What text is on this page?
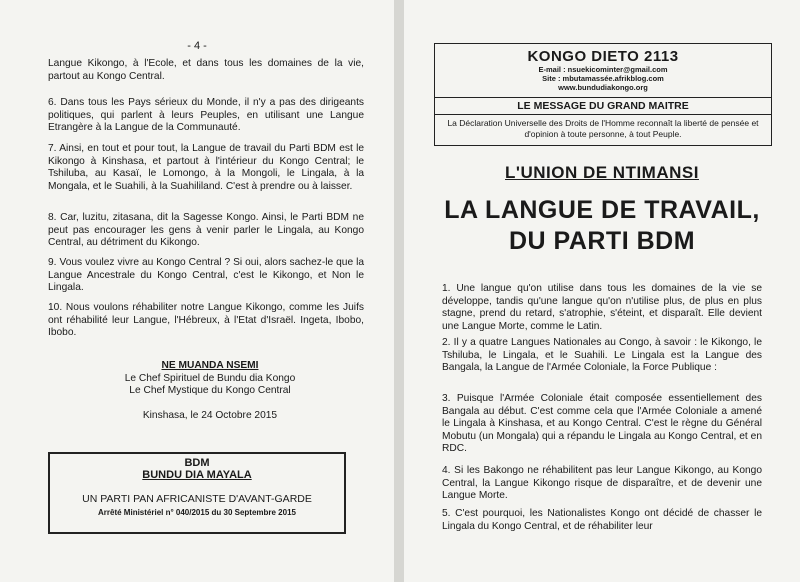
- 4 -

Langue Kikongo, à l'Ecole, et dans tous les domaines de la vie, partout au Kongo Central.

6. Dans tous les Pays sérieux du Monde, il n'y a pas des dirigeants politiques, qui parlent à leurs Peuples, en utilisant une Langue Etrangère à la Langue de la Communauté.

7. Ainsi, en tout et pour tout, la Langue de travail du Parti BDM est le Kikongo à Kinshasa, et partout à l'intérieur du Kongo Central; le Tshiluba, au Kasaï, le Lomongo, à la Mongoli, le Lingala, à la Mongala, et le Suahili, à la Suahililand. C'est à prendre ou à laisser.

8. Car, luzitu, zitasana, dit la Sagesse Kongo. Ainsi, le Parti BDM ne peut pas encourager les gens à venir parler le Lingala, au Kongo Central, au détriment du Kikongo.

9. Vous voulez vivre au Kongo Central ? Si oui, alors sachez-le que la Langue Ancestrale du Kongo Central, c'est le Kikongo, et Non le Lingala.

10. Nous voulons réhabiliter notre Langue Kikongo, comme les Juifs ont réhabilité leur Langue, l'Hébreux, à l'Etat d'Israël. Ingeta, Ibobo, Ibobo.

NE MUANDA NSEMI
Le Chef Spirituel de Bundu dia Kongo
Le Chef Mystique du Kongo Central
Kinshasa, le 24 Octobre 2015
BDM
BUNDU DIA MAYALA
UN PARTI PAN AFRICANISTE D'AVANT-GARDE
Arrêté Ministériel n° 040/2015 du 30 Septembre 2015
KONGO DIETO 2113
E-mail : nsuekicominter@gmail.com
Site : mbutamassée.afrikblog.com
www.bundudiakongo.org
LE MESSAGE DU GRAND MAITRE
La Déclaration Universelle des Droits de l'Homme reconnaît la liberté de pensée et d'opinion à toute personne, à tout Peuple.
L'UNION DE NTIMANSI
LA LANGUE DE TRAVAIL,
DU PARTI BDM

1. Une langue qu'on utilise dans tous les domaines de la vie se développe, tandis qu'une langue qu'on n'utilise plus, de plus en plus stagne, prend du retard, s'atrophie, s'éteint, et disparaît. Elle devient une Langue Morte, comme le Latin.

2. Il y a quatre Langues Nationales au Congo, à savoir : le Kikongo, le Tshiluba, le Lingala, et le Suahili. Le Lingala est la Langue des Bangala, la Langue de l'Armée Coloniale, la Force Publique :

3. Puisque l'Armée Coloniale était composée essentiellement des Bangala au début. C'est comme cela que l'Armée Coloniale a amené le Lingala à Kinshasa, et au Kongo Central. C'est le règne du Général Mobutu (un Mongala) qui a répandu le Lingala au Kongo Central, et en RDC.

4. Si les Bakongo ne réhabilitent pas leur Langue Kikongo, au Kongo Central, la Langue Kikongo risque de disparaître, et de devenir une Langue Morte.

5. C'est pourquoi, les Nationalistes Kongo ont décidé de chasser le Lingala du Kongo Central, et de réhabiliter leur
